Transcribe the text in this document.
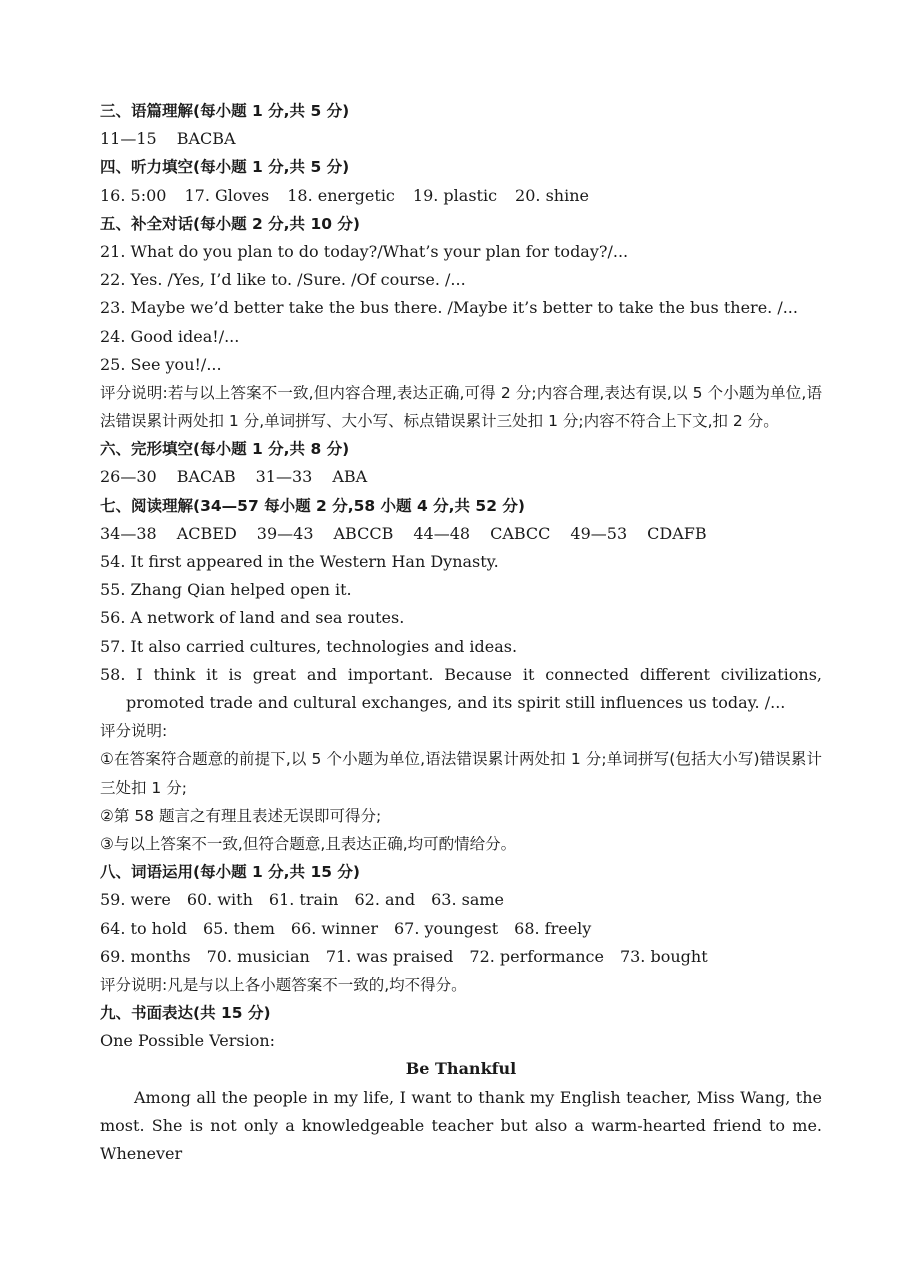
三、语篇理解(每小题 1 分,共 5 分)
11—15 BACBA
四、听力填空(每小题 1 分,共 5 分)
16. 5:00 17. Gloves 18. energetic 19. plastic 20. shine
五、补全对话(每小题 2 分,共 10 分)
21. What do you plan to do today?/What’s your plan for today?/...
22. Yes. /Yes, I’d like to. /Sure. /Of course. /...
23. Maybe we’d better take the bus there. /Maybe it’s better to take the bus there. /...
24. Good idea!/...
25. See you!/...
评分说明:若与以上答案不一致,但内容合理,表达正确,可得 2 分;内容合理,表达有误,以 5 个小题为单位,语法错误累计两处扣 1 分,单词拼写、大小写、标点错误累计三处扣 1 分;内容不符合上下文,扣 2 分。
六、完形填空(每小题 1 分,共 8 分)
26—30 BACAB 31—33 ABA
七、阅读理解(34—57 每小题 2 分,58 小题 4 分,共 52 分)
34—38 ACBED 39—43 ABCCB 44—48 CABCC 49—53 CDAFB
54. It first appeared in the Western Han Dynasty.
55. Zhang Qian helped open it.
56. A network of land and sea routes.
57. It also carried cultures, technologies and ideas.
58. I think it is great and important. Because it connected different civilizations, promoted trade and cultural exchanges, and its spirit still influences us today. /...
评分说明:
①在答案符合题意的前提下,以 5 个小题为单位,语法错误累计两处扣 1 分;单词拼写(包括大小写)错误累计三处扣 1 分;
②第 58 题言之有理且表述无误即可得分;
③与以上答案不一致,但符合题意,且表达正确,均可酌情给分。
八、词语运用(每小题 1 分,共 15 分)
59. were 60. with 61. train 62. and 63. same
64. to hold 65. them 66. winner 67. youngest 68. freely
69. months 70. musician 71. was praised 72. performance 73. bought
评分说明:凡是与以上各小题答案不一致的,均不得分。
九、书面表达(共 15 分)
One Possible Version:
Be Thankful
Among all the people in my life, I want to thank my English teacher, Miss Wang, the most. She is not only a knowledgeable teacher but also a warm-hearted friend to me. Whenever
